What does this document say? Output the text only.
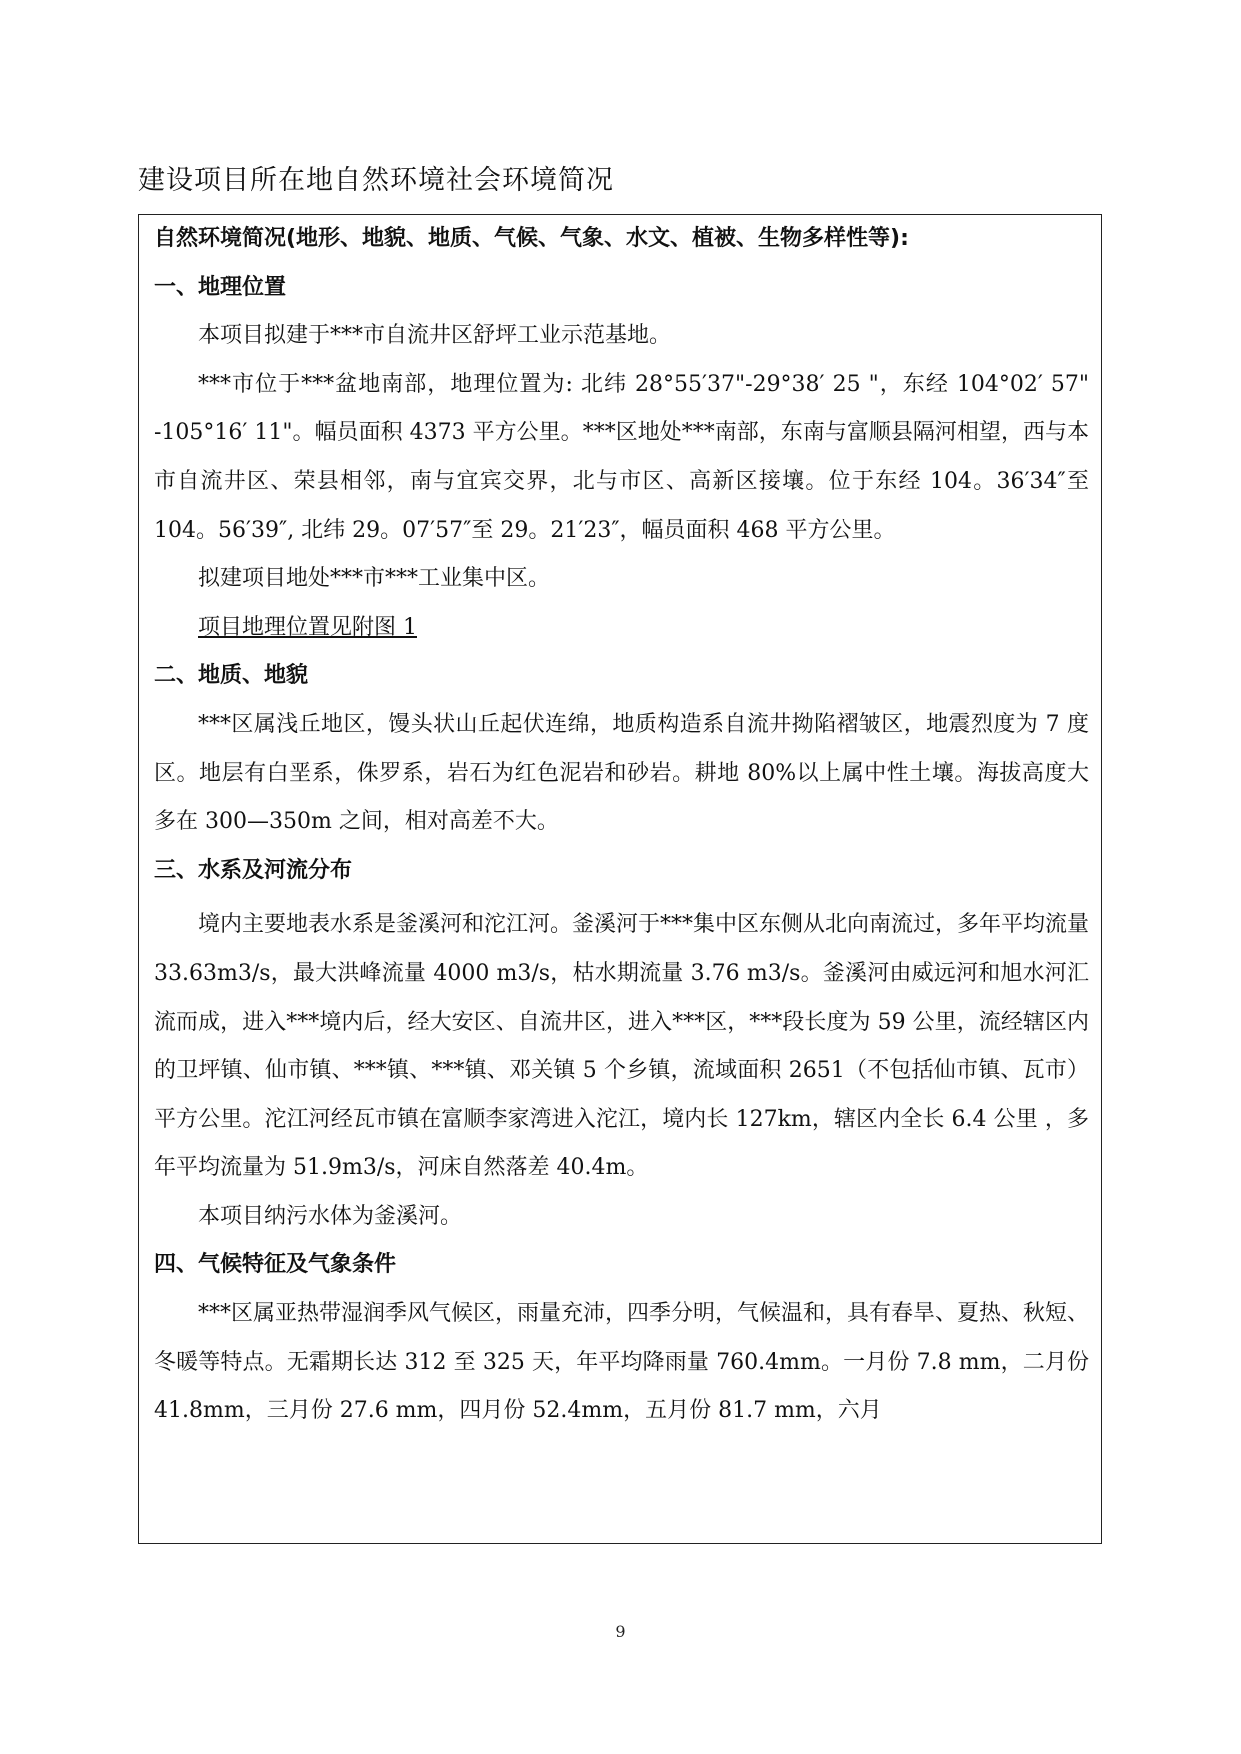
建设项目所在地自然环境社会环境简况

自然环境简况(地形、地貌、地质、气候、气象、水文、植被、生物多样性等):

一、地理位置

本项目拟建于***市自流井区舒坪工业示范基地。

***市位于***盆地南部，地理位置为: 北纬 28°55′37"-29°38′ 25 "，东经 104°02′ 57" -105°16′ 11"。幅员面积 4373 平方公里。***区地处***南部，东南与富顺县隔河相望，西与本市自流井区、荣县相邻，南与宜宾交界，北与市区、高新区接壤。位于东经 104。36′34″至 104。56′39″, 北纬 29。07′57″至 29。21′23″，幅员面积 468 平方公里。

拟建项目地处***市***工业集中区。

项目地理位置见附图 1

二、地质、地貌

***区属浅丘地区，馒头状山丘起伏连绵，地质构造系自流井拗陷褶皱区，地震烈度为 7 度区。地层有白垩系，侏罗系，岩石为红色泥岩和砂岩。耕地 80%以上属中性土壤。海拔高度大多在 300—350m 之间，相对高差不大。

三、水系及河流分布

境内主要地表水系是釜溪河和沱江河。釜溪河于***集中区东侧从北向南流过，多年平均流量 33.63m3/s，最大洪峰流量 4000 m3/s，枯水期流量 3.76 m3/s。釜溪河由威远河和旭水河汇流而成，进入***境内后，经大安区、自流井区，进入***区，***段长度为 59 公里，流经辖区内的卫坪镇、仙市镇、***镇、***镇、邓关镇 5 个乡镇，流域面积 2651（不包括仙市镇、瓦市）平方公里。沱江河经瓦市镇在富顺李家湾进入沱江，境内长 127km，辖区内全长 6.4 公里 ，多年平均流量为 51.9m3/s，河床自然落差 40.4m。

本项目纳污水体为釜溪河。

四、气候特征及气象条件

***区属亚热带湿润季风气候区，雨量充沛，四季分明，气候温和，具有春旱、夏热、秋短、冬暖等特点。无霜期长达 312 至 325 天，年平均降雨量 760.4mm。一月份 7.8 mm，二月份 41.8mm，三月份 27.6 mm，四月份 52.4mm，五月份 81.7 mm，六月

9
